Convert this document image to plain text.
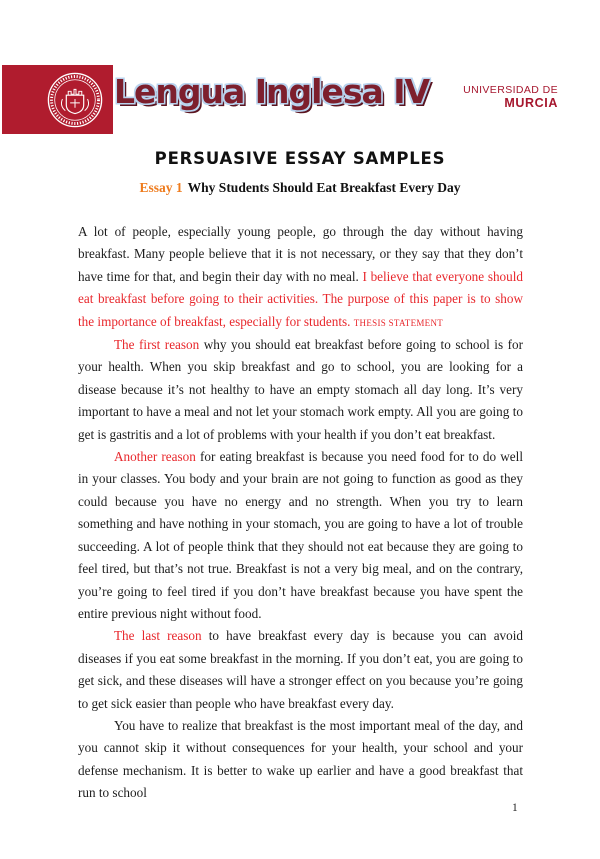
Lengua Inglesa IV	UNIVERSIDAD DE
MURCIA
PERSUASIVE ESSAY SAMPLES
Essay 1 Why Students Should Eat Breakfast Every Day

A lot of people, especially young people, go through the day without having breakfast. Many people believe that it is not necessary, or they say that they don’t have time for that, and begin their day with no meal. I believe that everyone should eat breakfast before going to their activities. The purpose of this paper is to show the importance of breakfast, especially for students. THESIS STATEMENT

The first reason why you should eat breakfast before going to school is for your health. When you skip breakfast and go to school, you are looking for a disease because it’s not healthy to have an empty stomach all day long. It’s very important to have a meal and not let your stomach work empty. All you are going to get is gastritis and a lot of problems with your health if you don’t eat breakfast.

Another reason for eating breakfast is because you need food for to do well in your classes. You body and your brain are not going to function as good as they could because you have no energy and no strength. When you try to learn something and have nothing in your stomach, you are going to have a lot of trouble succeeding. A lot of people think that they should not eat because they are going to feel tired, but that’s not true. Breakfast is not a very big meal, and on the contrary, you’re going to feel tired if you don’t have breakfast because you have spent the entire previous night without food.

The last reason to have breakfast every day is because you can avoid diseases if you eat some breakfast in the morning. If you don’t eat, you are going to get sick, and these diseases will have a stronger effect on you because you’re going to get sick easier than people who have breakfast every day.

You have to realize that breakfast is the most important meal of the day, and you cannot skip it without consequences for your health, your school and your defense mechanism. It is better to wake up earlier and have a good breakfast that run to school

1
